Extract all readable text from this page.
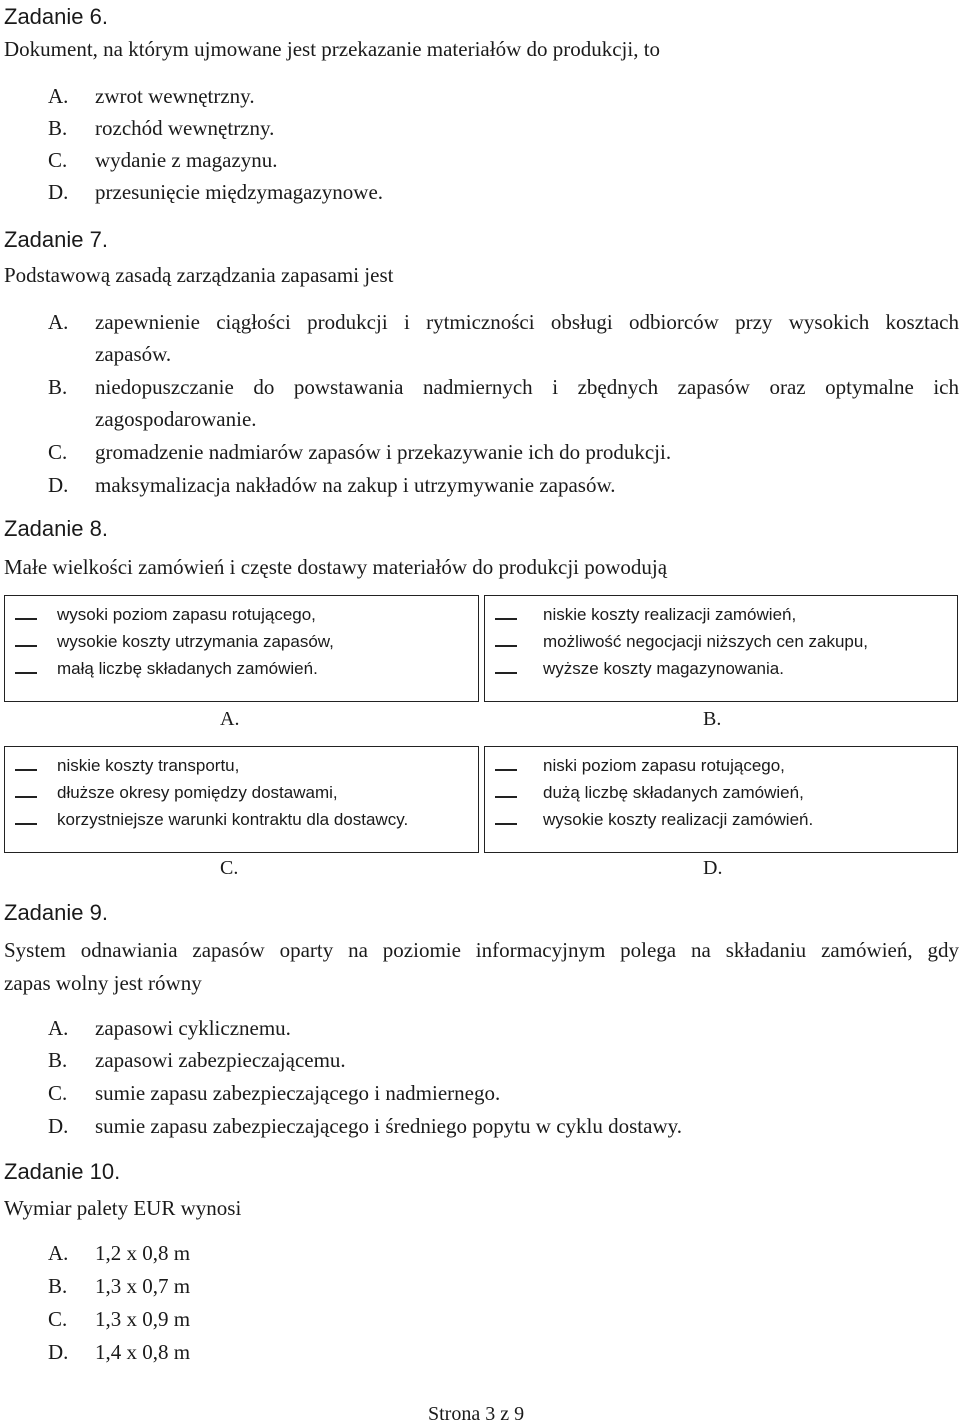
Zadanie 6.
Dokument, na którym ujmowane jest przekazanie materiałów do produkcji, to
A.	zwrot wewnętrzny.
B.	rozchód wewnętrzny.
C.	wydanie z magazynu.
D.	przesunięcie międzymagazynowe.
Zadanie 7.
Podstawową zasadą zarządzania zapasami jest
A.	zapewnienie ciągłości produkcji i rytmiczności obsługi odbiorców przy wysokich kosztach
zapasów.
B.	niedopuszczanie do powstawania nadmiernych i zbędnych zapasów oraz optymalne ich
zagospodarowanie.
C.	gromadzenie nadmiarów zapasów i przekazywanie ich do produkcji.
D.	maksymalizacja nakładów na zakup i utrzymywanie zapasów.
Zadanie 8.
Małe wielkości zamówień i częste dostawy materiałów do produkcji powodują
wysoki poziom zapasu rotującego,
wysokie koszty utrzymania zapasów,
małą liczbę składanych zamówień.
niskie koszty realizacji zamówień,
możliwość negocjacji niższych cen zakupu,
wyższe koszty magazynowania.
A.	B.
niskie koszty transportu,
dłuższe okresy pomiędzy dostawami,
korzystniejsze warunki kontraktu dla dostawcy.
niski poziom zapasu rotującego,
dużą liczbę składanych zamówień,
wysokie koszty realizacji zamówień.
C.	D.
Zadanie 9.
System odnawiania zapasów oparty na poziomie informacyjnym polega na składaniu zamówień, gdy
zapas wolny jest równy
A.	zapasowi cyklicznemu.
B.	zapasowi zabezpieczającemu.
C.	sumie zapasu zabezpieczającego i nadmiernego.
D.	sumie zapasu zabezpieczającego i średniego popytu w cyklu dostawy.
Zadanie 10.
Wymiar palety EUR wynosi
A.	1,2 x 0,8 m
B.	1,3 x 0,7 m
C.	1,3 x 0,9 m
D.	1,4 x 0,8 m
Strona 3 z 9
